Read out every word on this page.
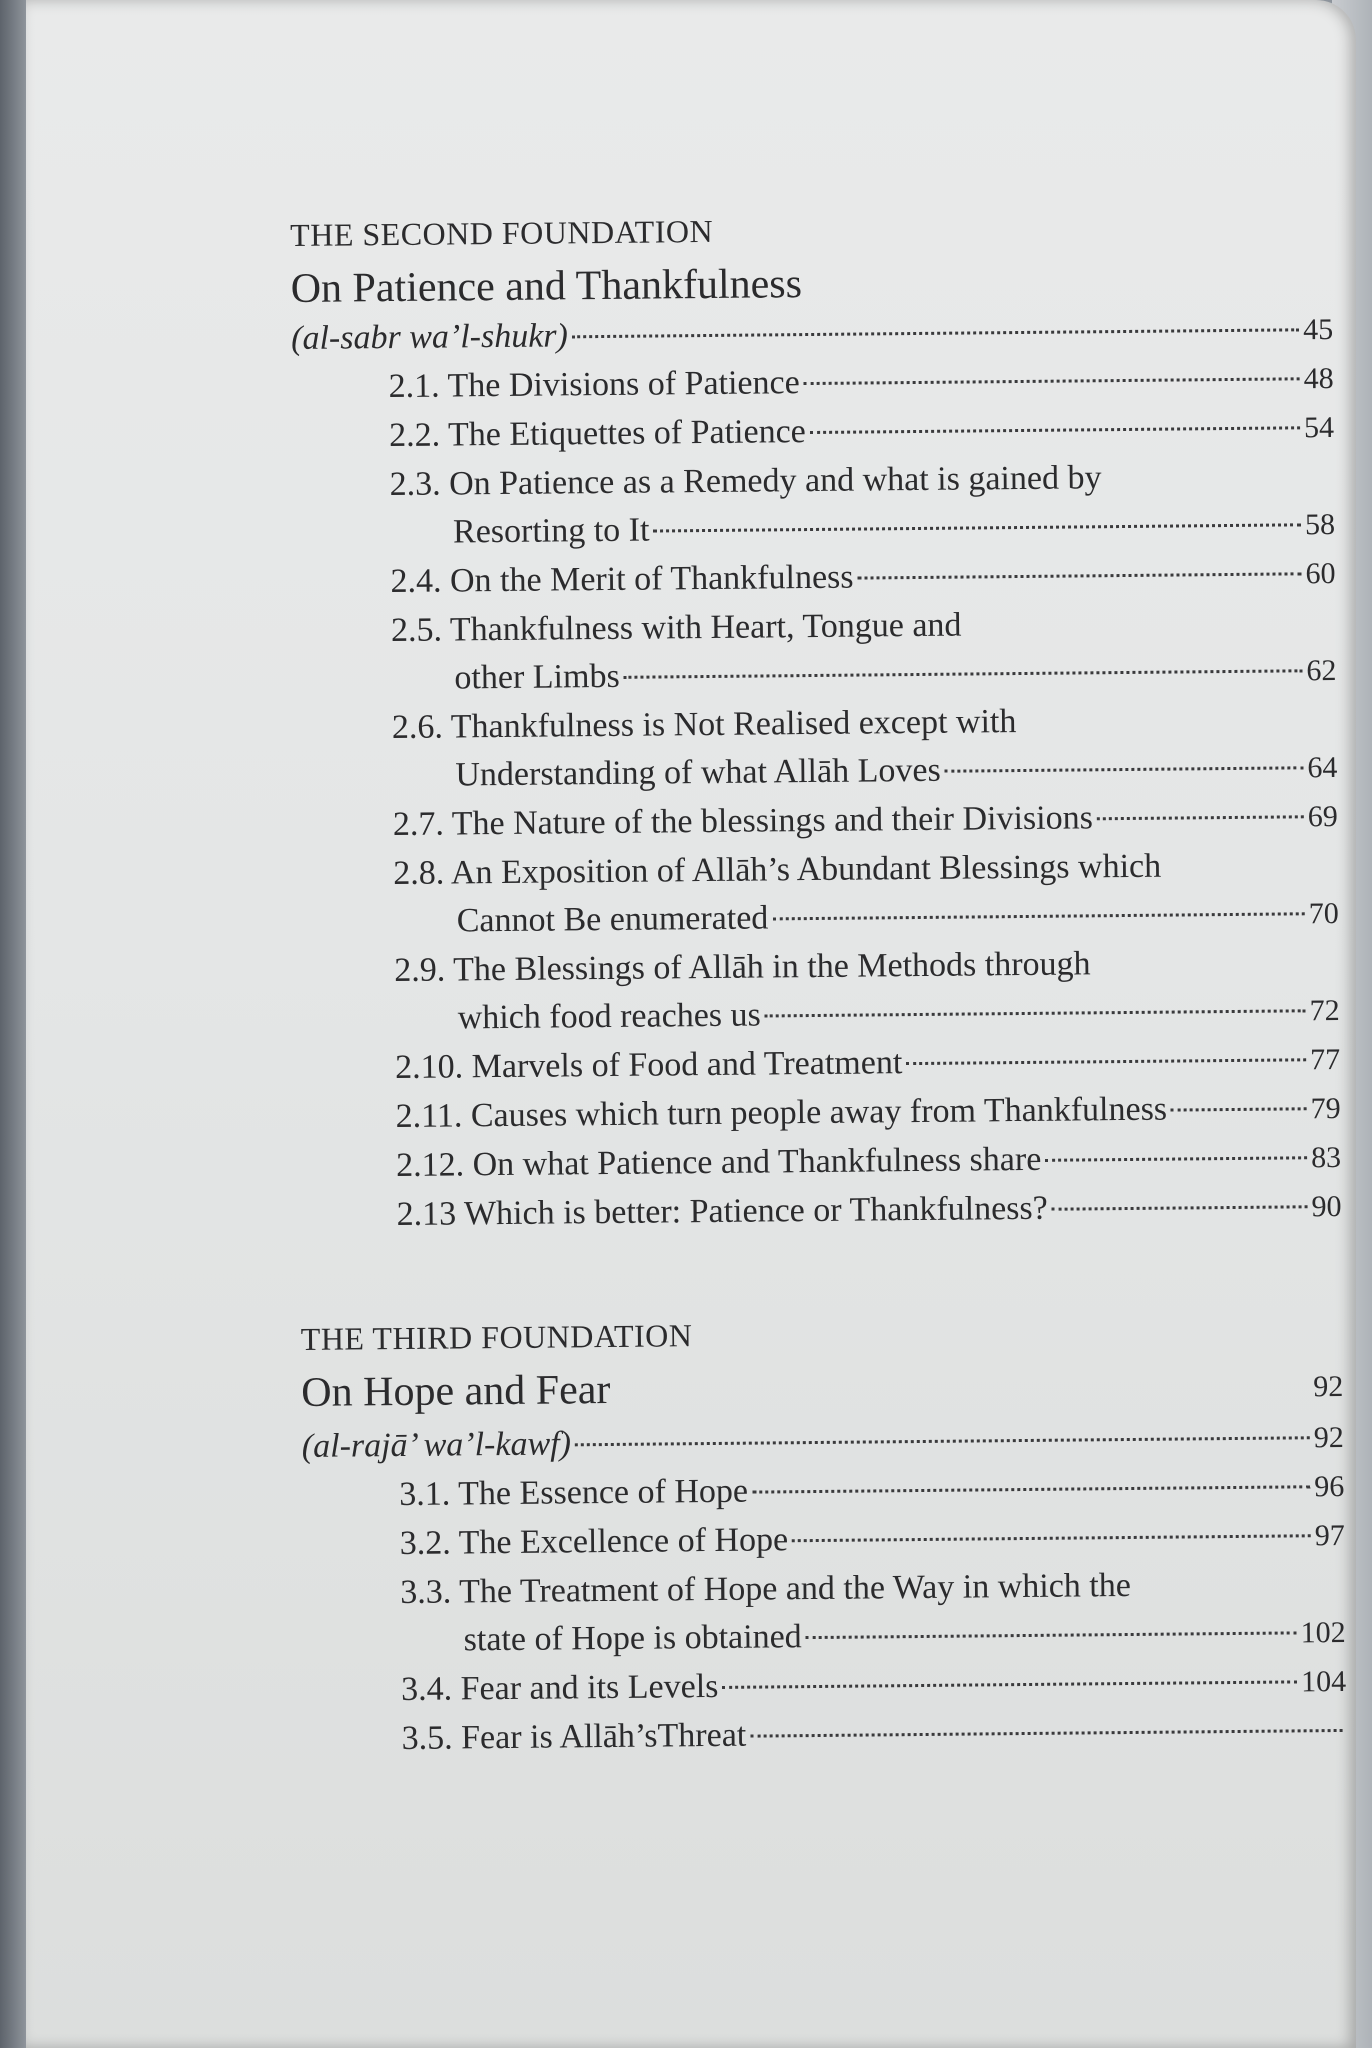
THE SECOND FOUNDATION
On Patience and Thankfulness
(al-sabr wa’l-shukr)	45
2.1. The Divisions of Patience	48
2.2. The Etiquettes of Patience	54
2.3. On Patience as a Remedy and what is gained by
Resorting to It	58
2.4. On the Merit of Thankfulness	60
2.5. Thankfulness with Heart, Tongue and
other Limbs	62
2.6. Thankfulness is Not Realised except with
Understanding of what Allāh Loves	64
2.7. The Nature of the blessings and their Divisions	69
2.8. An Exposition of Allāh’s Abundant Blessings which
Cannot Be enumerated	70
2.9. The Blessings of Allāh in the Methods through
which food reaches us	72
2.10. Marvels of Food and Treatment	77
2.11. Causes which turn people away from Thankfulness	79
2.12. On what Patience and Thankfulness share	83
2.13 Which is better: Patience or Thankfulness?	90
THE THIRD FOUNDATION
On Hope and Fear	92
(al-rajā’ wa’l-kawf)	92
3.1. The Essence of Hope	96
3.2. The Excellence of Hope	97
3.3. The Treatment of Hope and the Way in which the
state of Hope is obtained	102
3.4. Fear and its Levels	104
3.5. Fear is Allāh’sThreat
